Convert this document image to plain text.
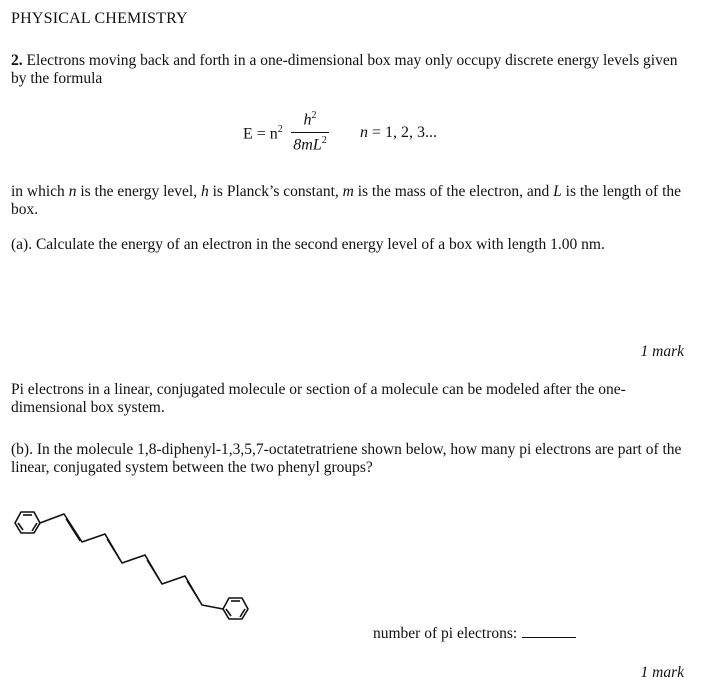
PHYSICAL CHEMISTRY

2. Electrons moving back and forth in a one-dimensional box may only occupy discrete energy levels given by the formula

$E = n^2$
$h^2$
$8mL^2$ n = 1, 2, 3...

in which n is the energy level, h is Planck’s constant, m is the mass of the electron, and L is the length of the box.

(a). Calculate the energy of an electron in the second energy level of a box with length 1.00 nm.

1 mark

Pi electrons in a linear, conjugated molecule or section of a molecule can be modeled after the one-dimensional box system.

(b). In the molecule 1,8-diphenyl-1,3,5,7-octatetratriene shown below, how many pi electrons are part of the linear, conjugated system between the two phenyl groups?

number of pi electrons:

1 mark
